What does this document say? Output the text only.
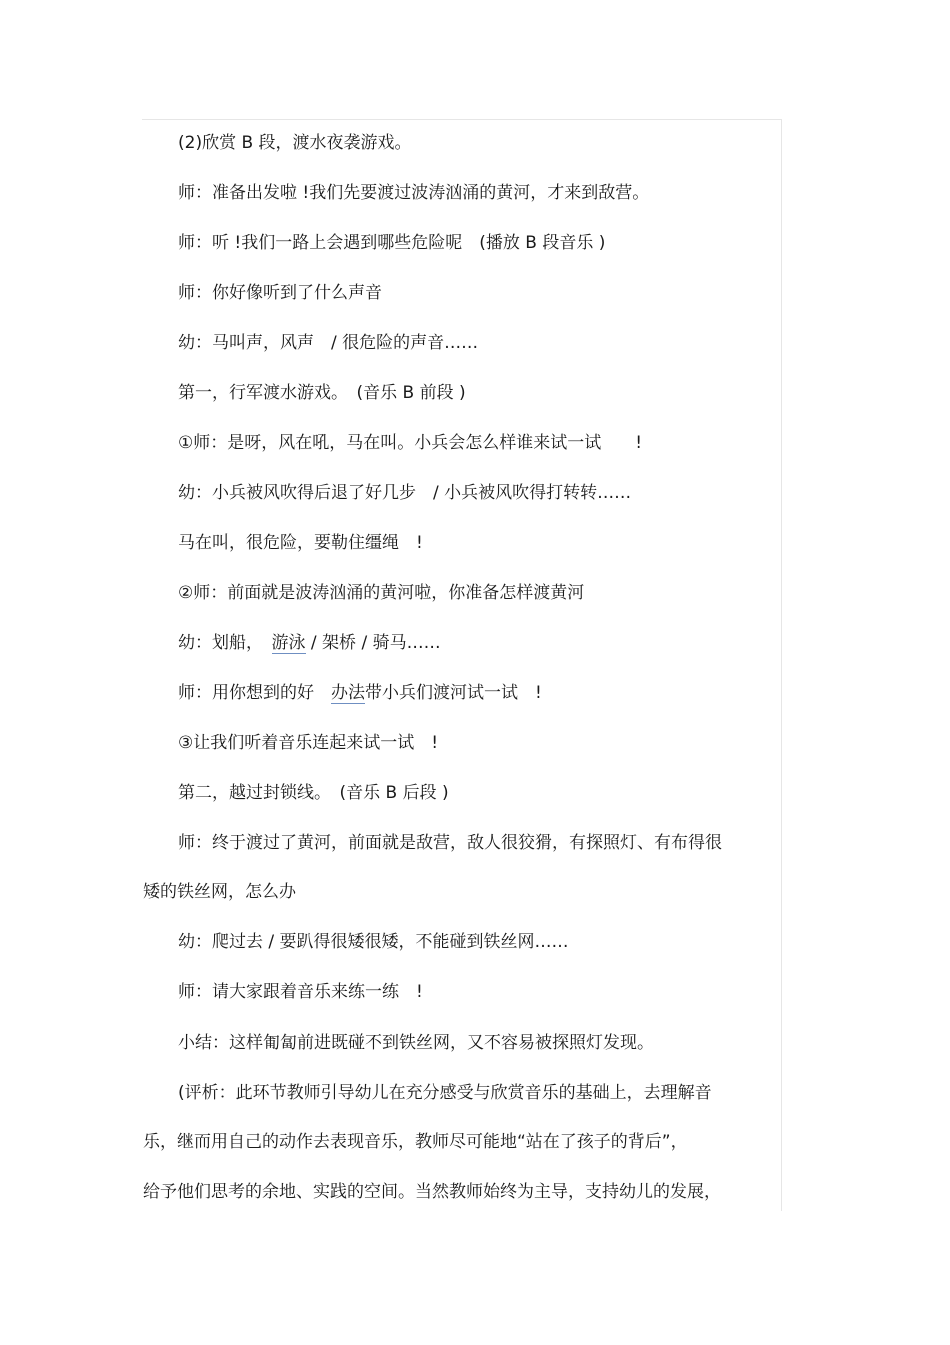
(2)欣赏 B 段，渡水夜袭游戏。
师：准备出发啦 !我们先要渡过波涛汹涌的黄河，才来到敌营。
师：听 !我们一路上会遇到哪些危险呢　(播放 B 段音乐 )
师：你好像听到了什么声音
幼：马叫声，风声　/ 很危险的声音……
第一，行军渡水游戏。　(音乐 B 前段 )
①师：是呀，风在吼，马在叫。小兵会怎么样谁来试一试　　!
幼：小兵被风吹得后退了好几步　/ 小兵被风吹得打转转……
马在叫，很危险，要勒住缰绳　!
②师：前面就是波涛汹涌的黄河啦，你准备怎样渡黄河
幼：划船，　游泳 / 架桥 / 骑马……
师：用你想到的好　办法带小兵们渡河试一试　!
③让我们听着音乐连起来试一试　!
第二，越过封锁线。　(音乐 B 后段 )
师：终于渡过了黄河，前面就是敌营，敌人很狡猾，有探照灯、有布得很
矮的铁丝网，怎么办
幼：爬过去 / 要趴得很矮很矮，不能碰到铁丝网……
师：请大家跟着音乐来练一练　!
小结：这样匍匐前进既碰不到铁丝网，又不容易被探照灯发现。
(评析：此环节教师引导幼儿在充分感受与欣赏音乐的基础上，去理解音
乐，继而用自己的动作去表现音乐，教师尽可能地“站在了孩子的背后”，
给予他们思考的余地、实践的空间。当然教师始终为主导，支持幼儿的发展，
